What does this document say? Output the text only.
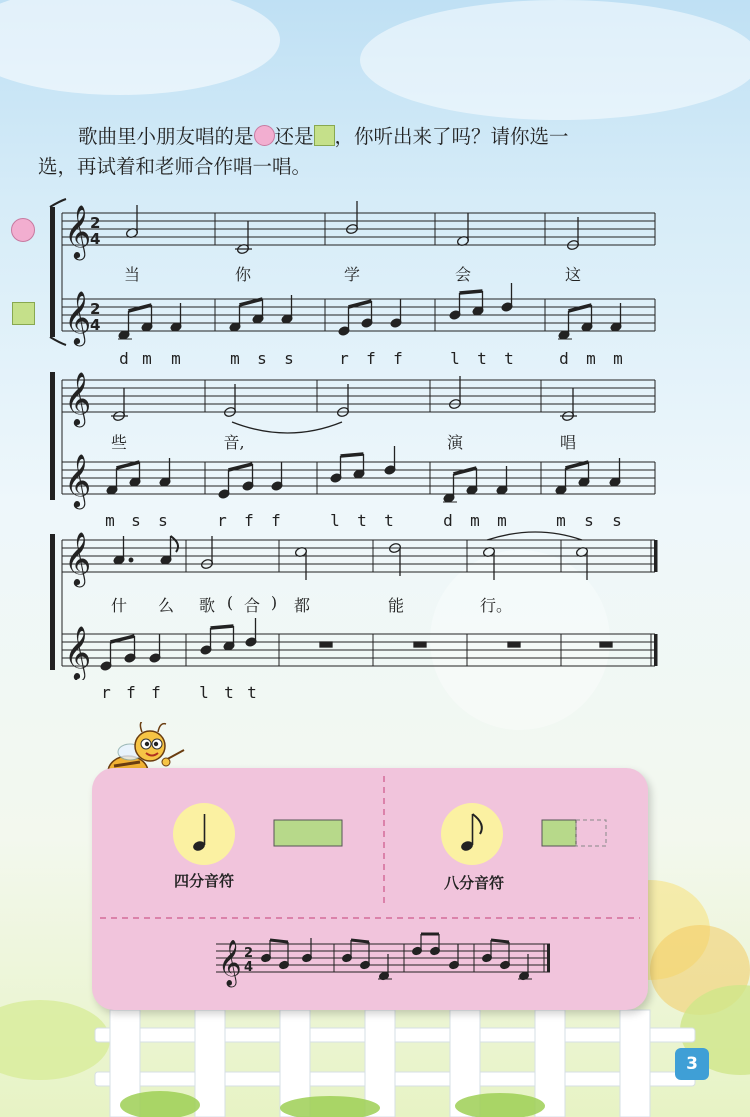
歌曲里小朋友唱的是 还是 ，你听出来了吗？请你选一
选，再试着和老师合作唱一唱。
𝄞
𝄞
2
4
2
4
当	你	学	会	这
d m m	m s s	r f f	l t t	d m m
𝄞
𝄞
些	音,	演	唱
m s s	r f f	l t t	d m m	m s s
𝄞
𝄞
什 么 歌 ( 合 ) 都	能	行。
r f f l t t
𝄞 2
4
四分音符	八分音符
3
